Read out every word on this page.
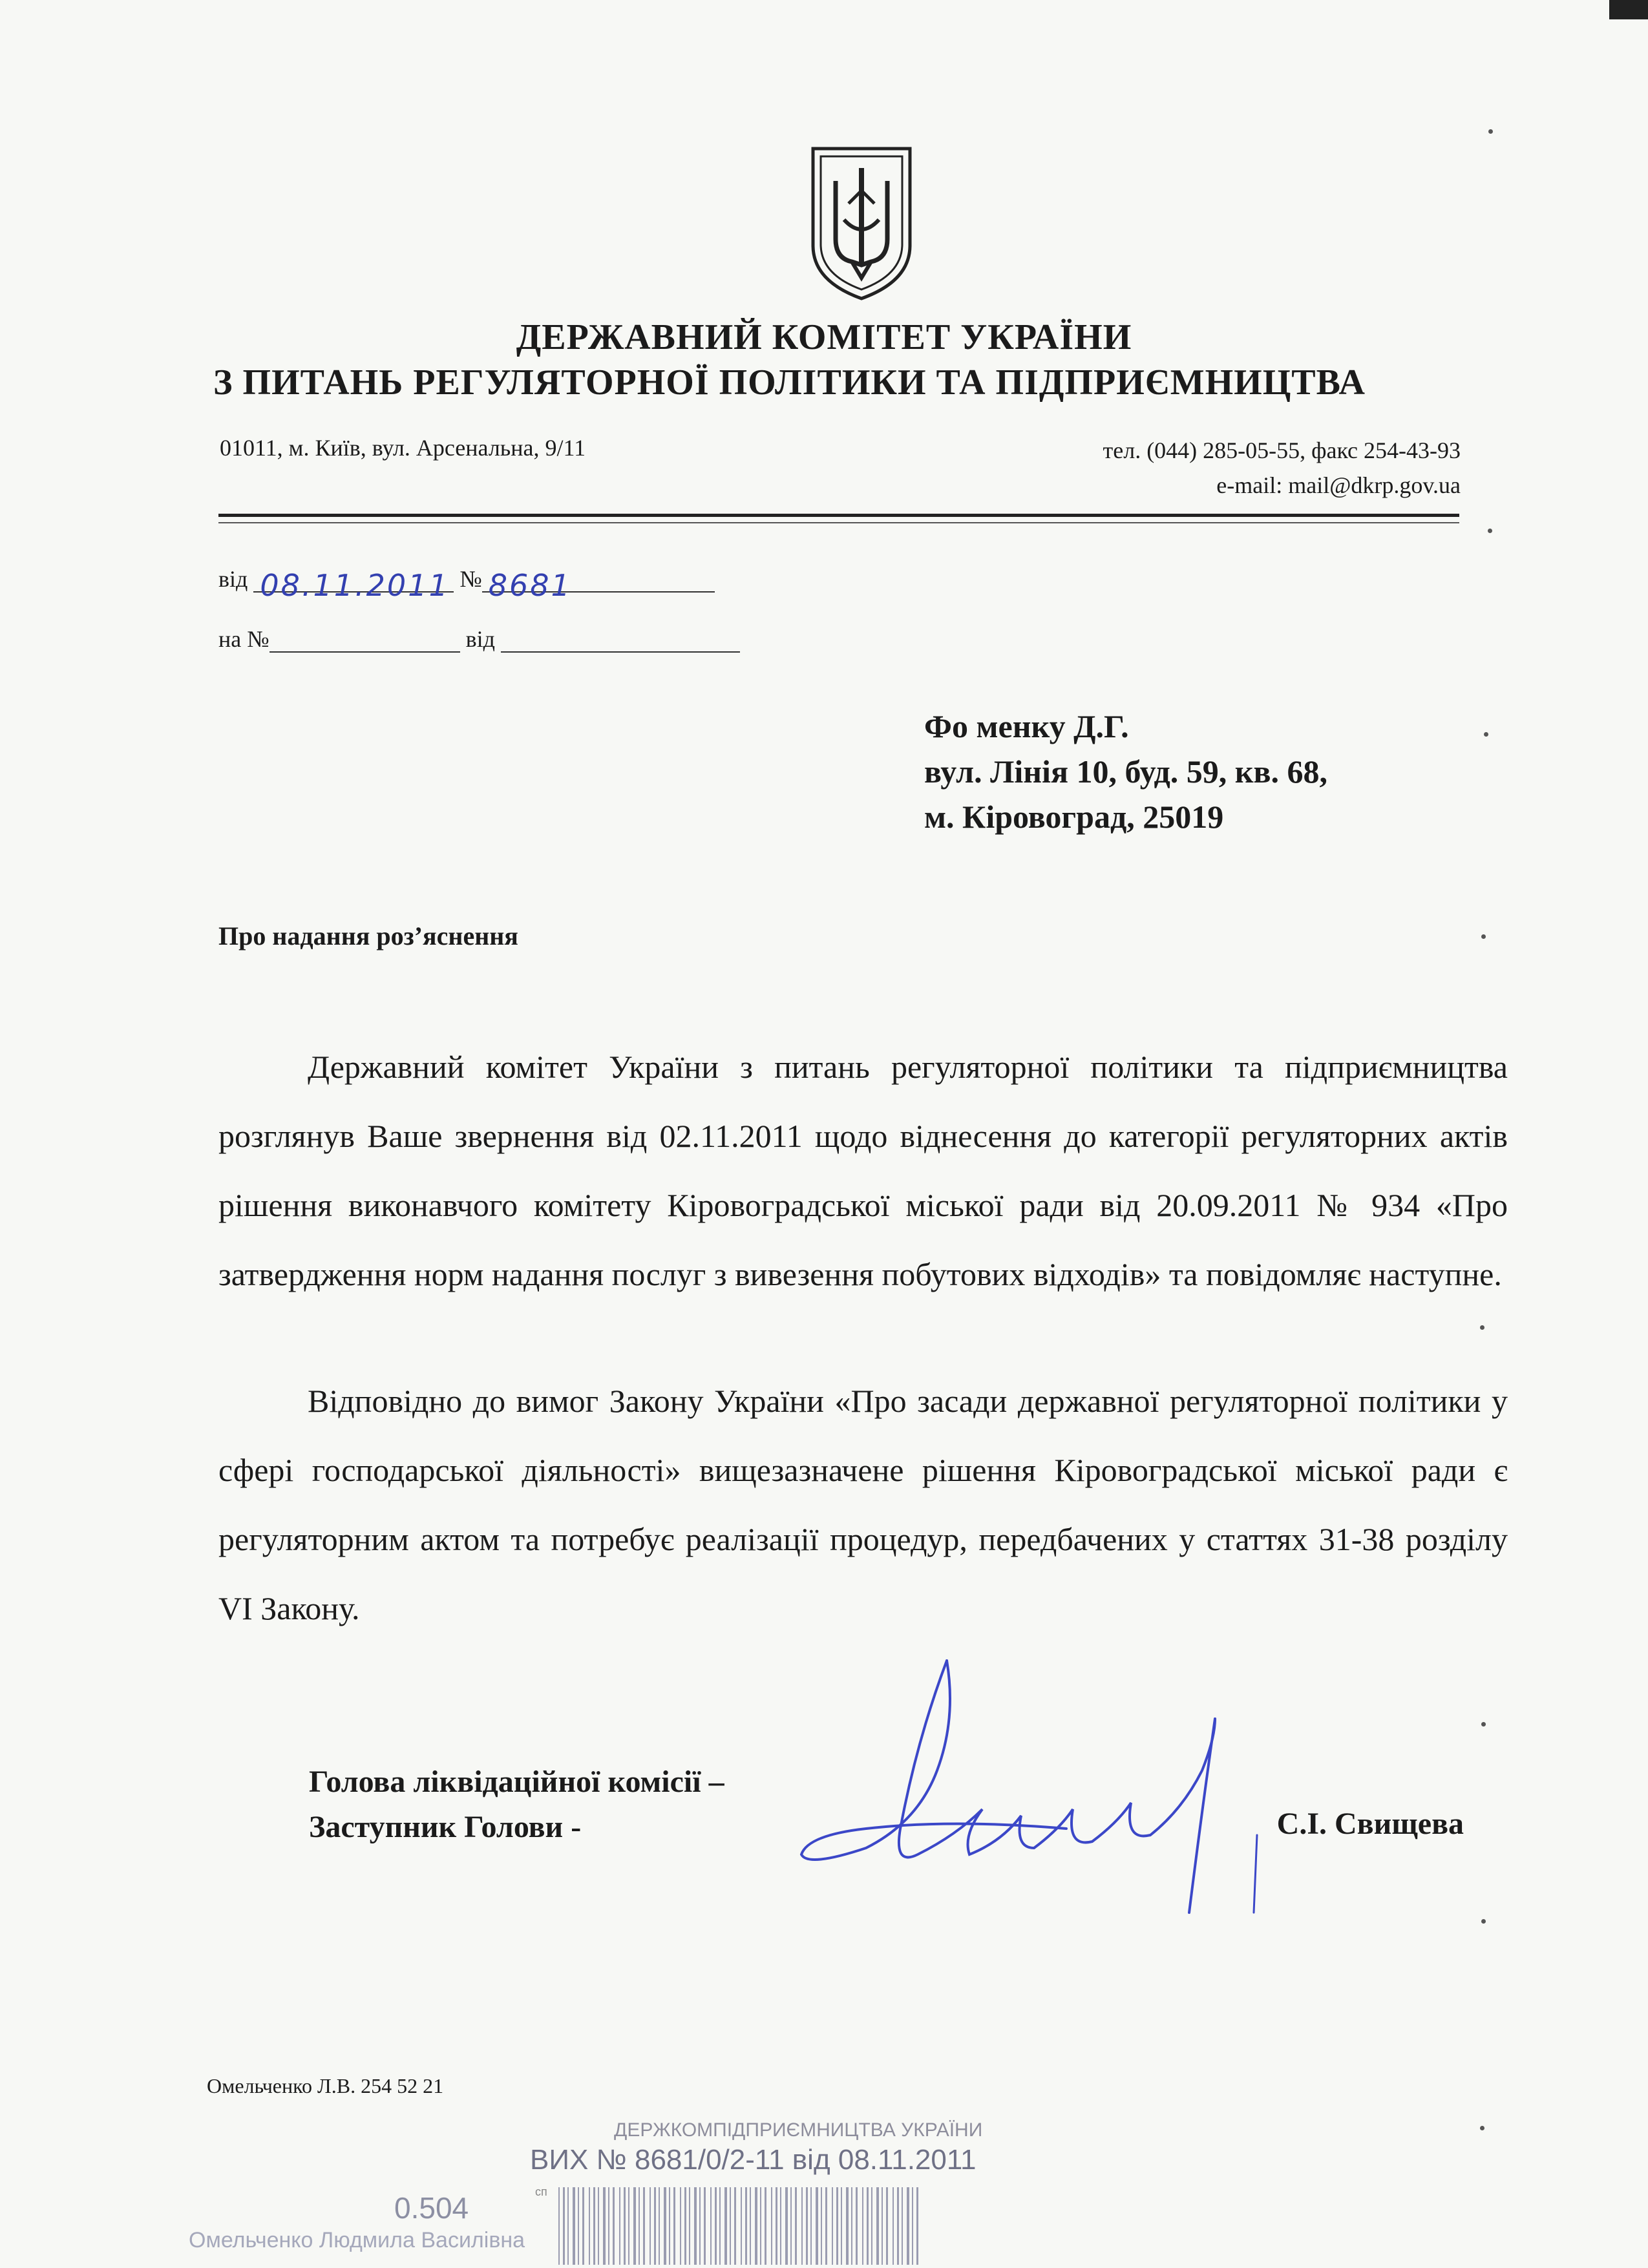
ДЕРЖАВНИЙ КОМІТЕТ УКРАЇНИ
З ПИТАНЬ РЕГУЛЯТОРНОЇ ПОЛІТИКИ ТА ПІДПРИЄМНИЦТВА
01011, м. Київ, вул. Арсенальна, 9/11	тел. (044) 285-05-55, факс 254-43-93
e-mail: mail@dkrp.gov.ua
від 08.11.2011 № 8681
на №	від
Фо менку Д.Г.
вул. Лінія 10, буд. 59, кв. 68,
м. Кіровоград, 25019
Про надання роз’яснення
Державний комітет України з питань регуляторної політики та підприємництва розглянув Ваше звернення від 02.11.2011 щодо віднесення до категорії регуляторних актів рішення виконавчого комітету Кіровоградської міської ради від 20.09.2011 № 934 «Про затвердження норм надання послуг з вивезення побутових відходів» та повідомляє наступне.
Відповідно до вимог Закону України «Про засади державної регуляторної політики у сфері господарської діяльності» вищезазначене рішення Кіровоградської міської ради є регуляторним актом та потребує реалізації процедур, передбачених у статтях 31-38 розділу VI Закону.
Голова ліквідаційної комісії –
Заступник Голови -	С.І. Свищева
Омельченко Л.В. 254 52 21
ДЕРЖКОМПІДПРИЄМНИЦТВА УКРАЇНИ
ВИХ № 8681/0/2-11 від 08.11.2011
сп
0.504
Омельченко Людмила Василівна
